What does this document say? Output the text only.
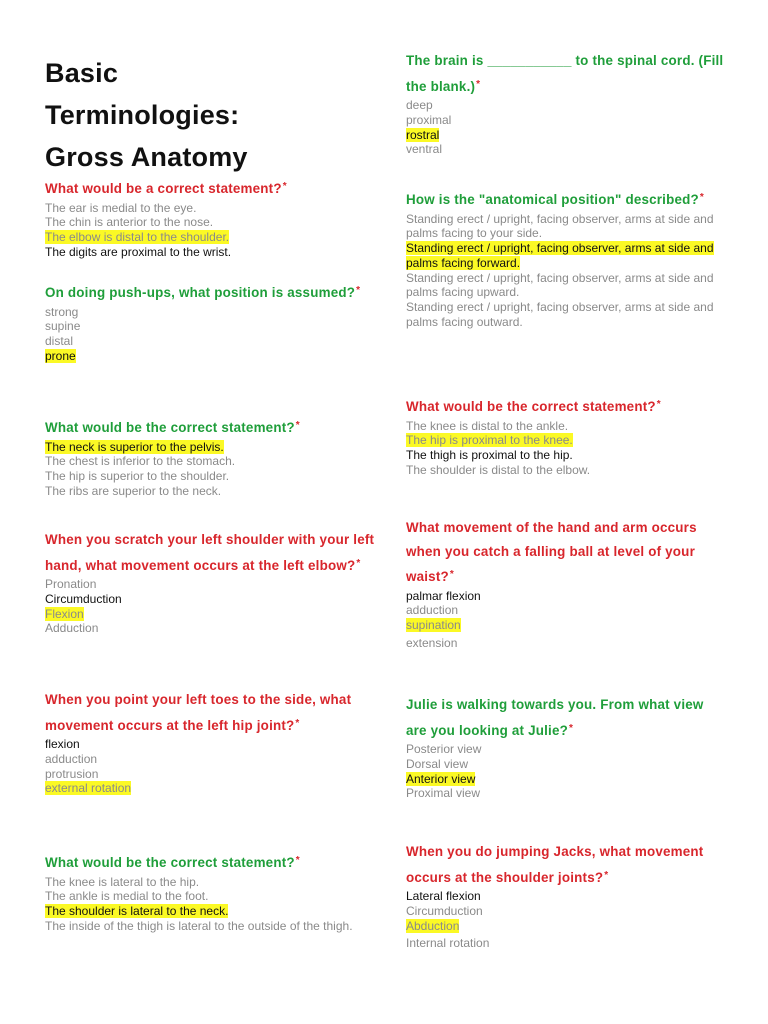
Basic
Terminologies:
Gross Anatomy

What would be a correct statement?*

The ear is medial to the eye.
The chin is anterior to the nose.
The elbow is distal to the shoulder.
The digits are proximal to the wrist.

On doing push-ups, what position is assumed?*

strong
supine
distal
prone

What would be the correct statement?*

The neck is superior to the pelvis.
The chest is inferior to the stomach.
The hip is superior to the shoulder.
The ribs are superior to the neck.

When you scratch your left shoulder with your left hand, what movement occurs at the left elbow?*

Pronation
Circumduction
Flexion
Adduction

When you point your left toes to the side, what movement occurs at the left hip joint?*

flexion
adduction
protrusion
external rotation

What would be the correct statement?*

The knee is lateral to the hip.
The ankle is medial to the foot.
The shoulder is lateral to the neck.
The inside of the thigh is lateral to the outside of the thigh.

The brain is ___________ to the spinal cord. (Fill the blank.)*

deep
proximal
rostral
ventral

How is the "anatomical position" described?*

Standing erect / upright, facing observer, arms at side and palms facing to your side.
Standing erect / upright, facing observer, arms at side and palms facing forward.
Standing erect / upright, facing observer, arms at side and palms facing upward.
Standing erect / upright, facing observer, arms at side and palms facing outward.

What would be the correct statement?*

The knee is distal to the ankle.
The hip is proximal to the knee.
The thigh is proximal to the hip.
The shoulder is distal to the elbow.

What movement of the hand and arm occurs when you catch a falling ball at level of your waist?*

palmar flexion
adduction
supination
extension

Julie is walking towards you. From what view are you looking at Julie?*

Posterior view
Dorsal view
Anterior view
Proximal view

When you do jumping Jacks, what movement occurs at the shoulder joints?*

Lateral flexion
Circumduction
Abduction
Internal rotation
